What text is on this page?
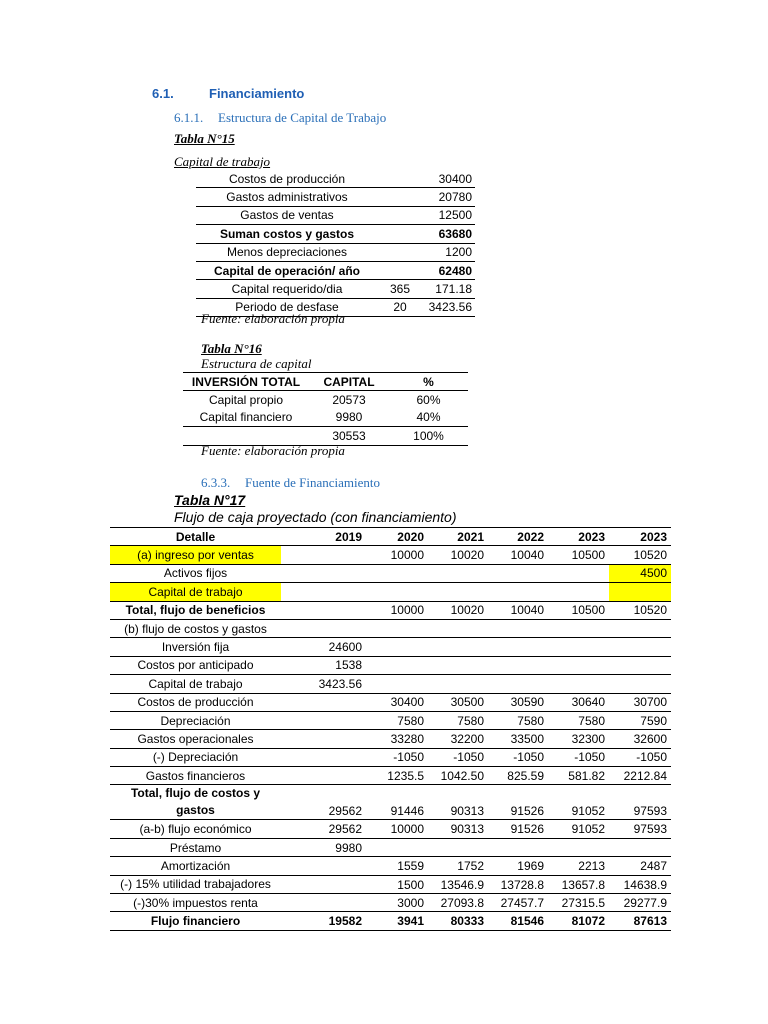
6.1.	Financiamiento
6.1.1. Estructura de Capital de Trabajo
Tabla N°15
Capital de trabajo
Costos de producción		30400
Gastos administrativos		20780
Gastos de ventas		12500
Suman costos y gastos		63680
Menos depreciaciones		1200
Capital de operación/ año		62480
Capital requerido/dia	365	171.18
Periodo de desfase	20	3423.56
Fuente: elaboración propia
Tabla N°16
Estructura de capital
INVERSIÓN TOTAL	CAPITAL	%
Capital propio	20573	60%
Capital financiero	9980	40%
	30553	100%
Fuente: elaboración propia
6.3.3. Fuente de Financiamiento
Tabla N°17
Flujo de caja proyectado (con financiamiento)
Detalle	2019	2020	2021	2022	2023	2023
(a) ingreso por ventas		10000	10020	10040	10500	10520
Activos fijos						4500
Capital de trabajo						
Total, flujo de beneficios		10000	10020	10040	10500	10520
(b) flujo de costos y gastos						
Inversión fija	24600					
Costos por anticipado	1538					
Capital de trabajo	3423.56					
Costos de producción		30400	30500	30590	30640	30700
Depreciación		7580	7580	7580	7580	7590
Gastos operacionales		33280	32200	33500	32300	32600
(-) Depreciación		-1050	-1050	-1050	-1050	-1050
Gastos financieros		1235.5	1042.50	825.59	581.82	2212.84
Total, flujo de costos y gastos	29562	91446	90313	91526	91052	97593
(a-b) flujo económico	29562	10000	90313	91526	91052	97593
Préstamo	9980					
Amortización		1559	1752	1969	2213	2487
(-) 15% utilidad trabajadores		1500	13546.9	13728.8	13657.8	14638.9
(-)30% impuestos renta		3000	27093.8	27457.7	27315.5	29277.9
Flujo financiero	19582	3941	80333	81546	81072	87613
